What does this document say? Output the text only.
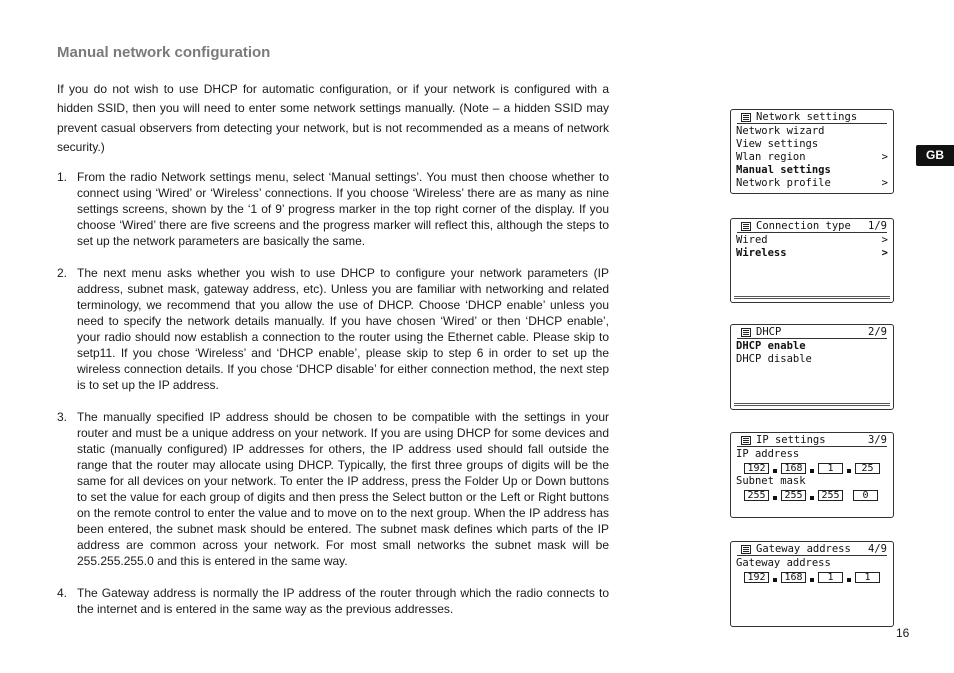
Manual network configuration

If you do not wish to use DHCP for automatic configuration, or if your network is configured with a hidden SSID, then you will need to enter some network settings manually. (Note – a hidden SSID may prevent casual observers from detecting your network, but is not recommended as a means of network security.)

1. From the radio Network settings menu, select ‘Manual settings’. You must then choose whether to connect using ‘Wired’ or ‘Wireless’ connections. If you choose ‘Wireless’ there are as many as nine settings screens, shown by the ‘1 of 9’ progress marker in the top right corner of the display. If you choose ‘Wired’ there are five screens and the progress marker will reflect this, although the steps to set up the network parameters are basically the same.
2. The next menu asks whether you wish to use DHCP to configure your network parameters (IP address, subnet mask, gateway address, etc). Unless you are familiar with networking and related terminology, we recommend that you allow the use of DHCP. Choose ‘DHCP enable’ unless you need to specify the network details manually. If you have chosen ‘Wired’ or then ‘DHCP enable’, your radio should now establish a connection to the router using the Ethernet cable. Please skip to setp11. If you chose ‘Wireless’ and ‘DHCP enable’, please skip to step 6 in order to set up the wireless connection details. If you chose ‘DHCP disable’ for either connection method, the next step is to set up the IP address.
3. The manually specified IP address should be chosen to be compatible with the settings in your router and must be a unique address on your network. If you are using DHCP for some devices and static (manually configured) IP addresses for others, the IP address used should fall outside the range that the router may allocate using DHCP. Typically, the first three groups of digits will be the same for all devices on your network. To enter the IP address, press the Folder Up or Down buttons to set the value for each group of digits and then press the Select button or the Left or Right buttons on the remote control to enter the value and to move on to the next group. When the IP address has been entered, the subnet mask should be entered. The subnet mask defines which parts of the IP address are common across your network. For most small networks the subnet mask will be 255.255.255.0 and this is entered in the same way.
4. The Gateway address is normally the IP address of the router through which the radio connects to the internet and is entered in the same way as the previous addresses.
Network settings
Network wizard
View settings
Wlan region	>
Manual settings
Network profile	>
Connection type 1/9
Wired	>
Wireless	>
DHCP	2/9
DHCP enable
DHCP disable
IP settings	3/9
IP address
192	168	1	25
Subnet mask
255	255	255	0
Gateway address 4/9
Gateway address
192	168	1	1
GB
16
